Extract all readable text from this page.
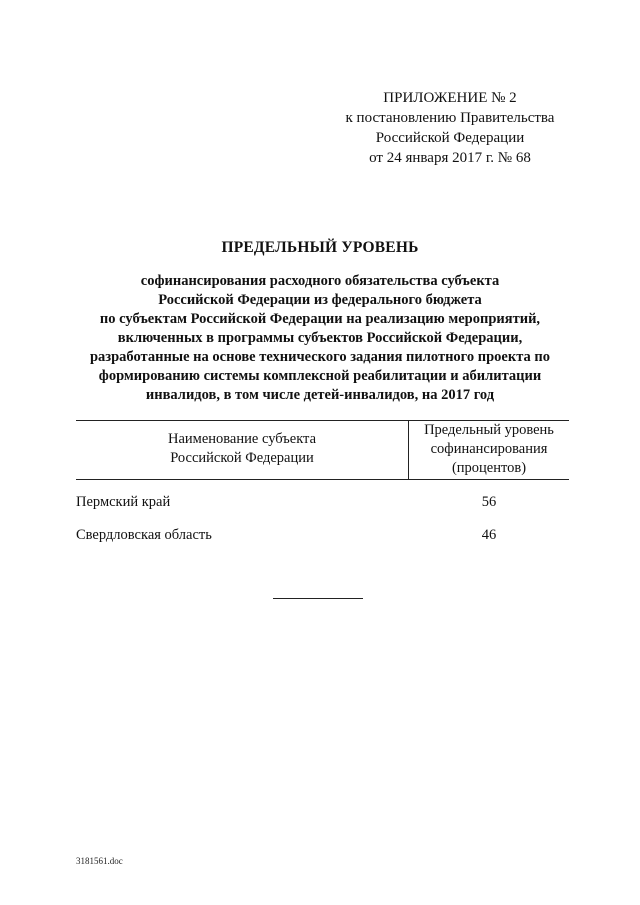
ПРИЛОЖЕНИЕ № 2
к постановлению Правительства
Российской Федерации
от 24 января 2017 г. № 68
ПРЕДЕЛЬНЫЙ УРОВЕНЬ
софинансирования расходного обязательства субъекта
Российской Федерации из федерального бюджета
по субъектам Российской Федерации на реализацию мероприятий,
включенных в программы субъектов Российской Федерации,
разработанные на основе технического задания пилотного проекта по
формированию системы комплексной реабилитации и абилитации
инвалидов, в том числе детей-инвалидов, на 2017 год
Наименование субъекта
Российской Федерации
Предельный уровень
софинансирования
(процентов)
Пермский край	56
Свердловская область	46
3181561.doc
